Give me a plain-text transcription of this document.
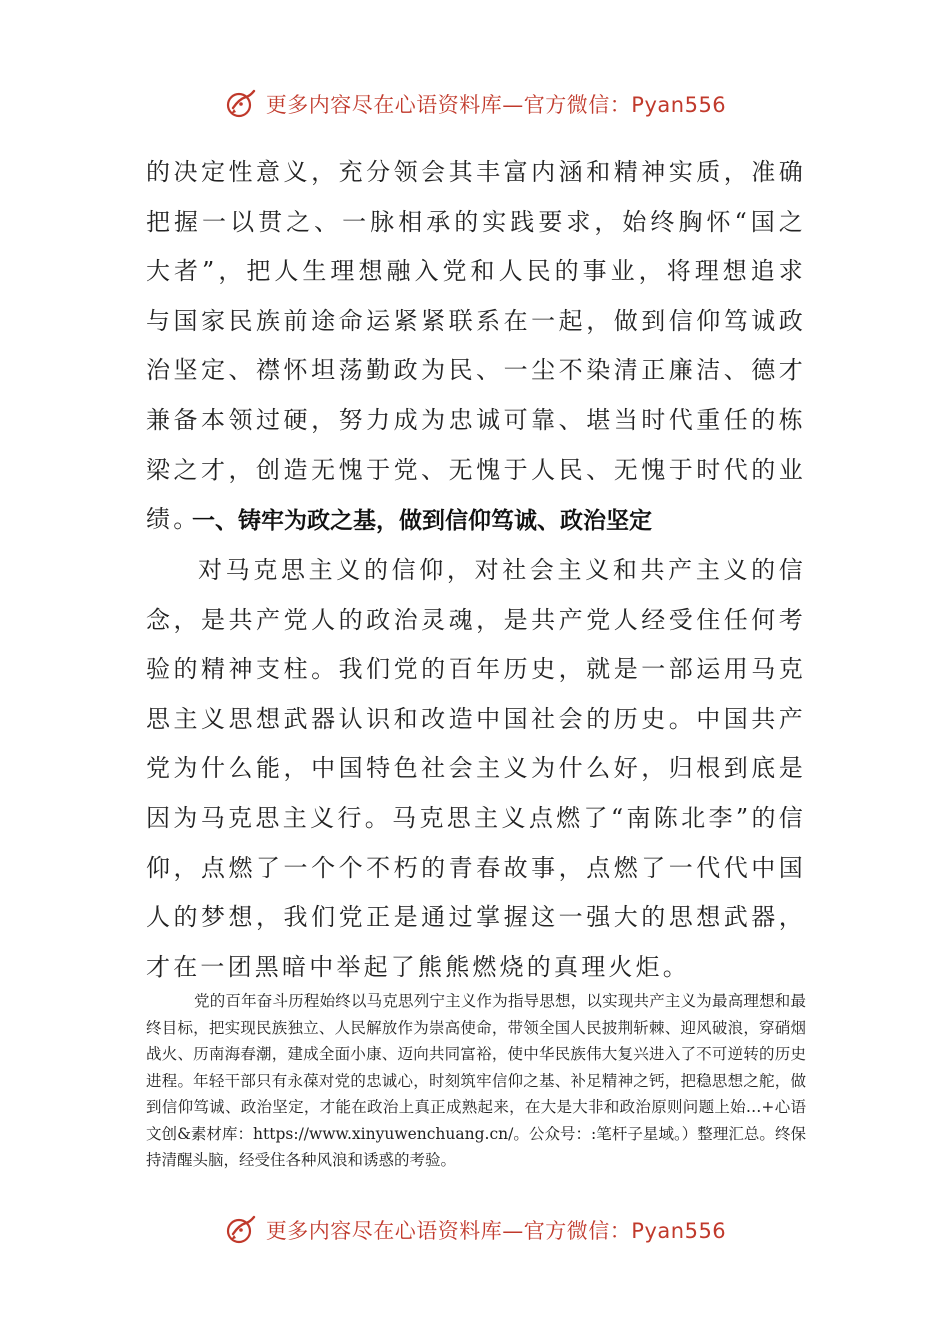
更多内容尽在心语资料库—官方微信：Pyan556
的决定性意义，充分领会其丰富内涵和精神实质，准确把握一以贯之、一脉相承的实践要求，始终胸怀“国之大者”，把人生理想融入党和人民的事业，将理想追求与国家民族前途命运紧紧联系在一起，做到信仰笃诚政治坚定、襟怀坦荡勤政为民、一尘不染清正廉洁、德才兼备本领过硬，努力成为忠诚可靠、堪当时代重任的栋梁之才，创造无愧于党、无愧于人民、无愧于时代的业绩。
一、铸牢为政之基，做到信仰笃诚、政治坚定
对马克思主义的信仰，对社会主义和共产主义的信念，是共产党人的政治灵魂，是共产党人经受住任何考验的精神支柱。我们党的百年历史，就是一部运用马克思主义思想武器认识和改造中国社会的历史。中国共产党为什么能，中国特色社会主义为什么好，归根到底是因为马克思主义行。马克思主义点燃了“南陈北李”的信仰，点燃了一个个不朽的青春故事，点燃了一代代中国人的梦想，我们党正是通过掌握这一强大的思想武器，才在一团黑暗中举起了熊熊燃烧的真理火炬。
党的百年奋斗历程始终以马克思列宁主义作为指导思想，以实现共产主义为最高理想和最终目标，把实现民族独立、人民解放作为崇高使命，带领全国人民披荆斩棘、迎风破浪，穿硝烟战火、历南海春潮，建成全面小康、迈向共同富裕，使中华民族伟大复兴进入了不可逆转的历史进程。年轻干部只有永葆对党的忠诚心，时刻筑牢信仰之基、补足精神之钙，把稳思想之舵，做到信仰笃诚、政治坚定，才能在政治上真正成熟起来，在大是大非和政治原则问题上始…+心语文创&素材库：https://www.xinyuwenchuang.cn/。公众号：:笔杆子星域。）整理汇总。终保持清醒头脑，经受住各种风浪和诱惑的考验。
更多内容尽在心语资料库—官方微信：Pyan556
